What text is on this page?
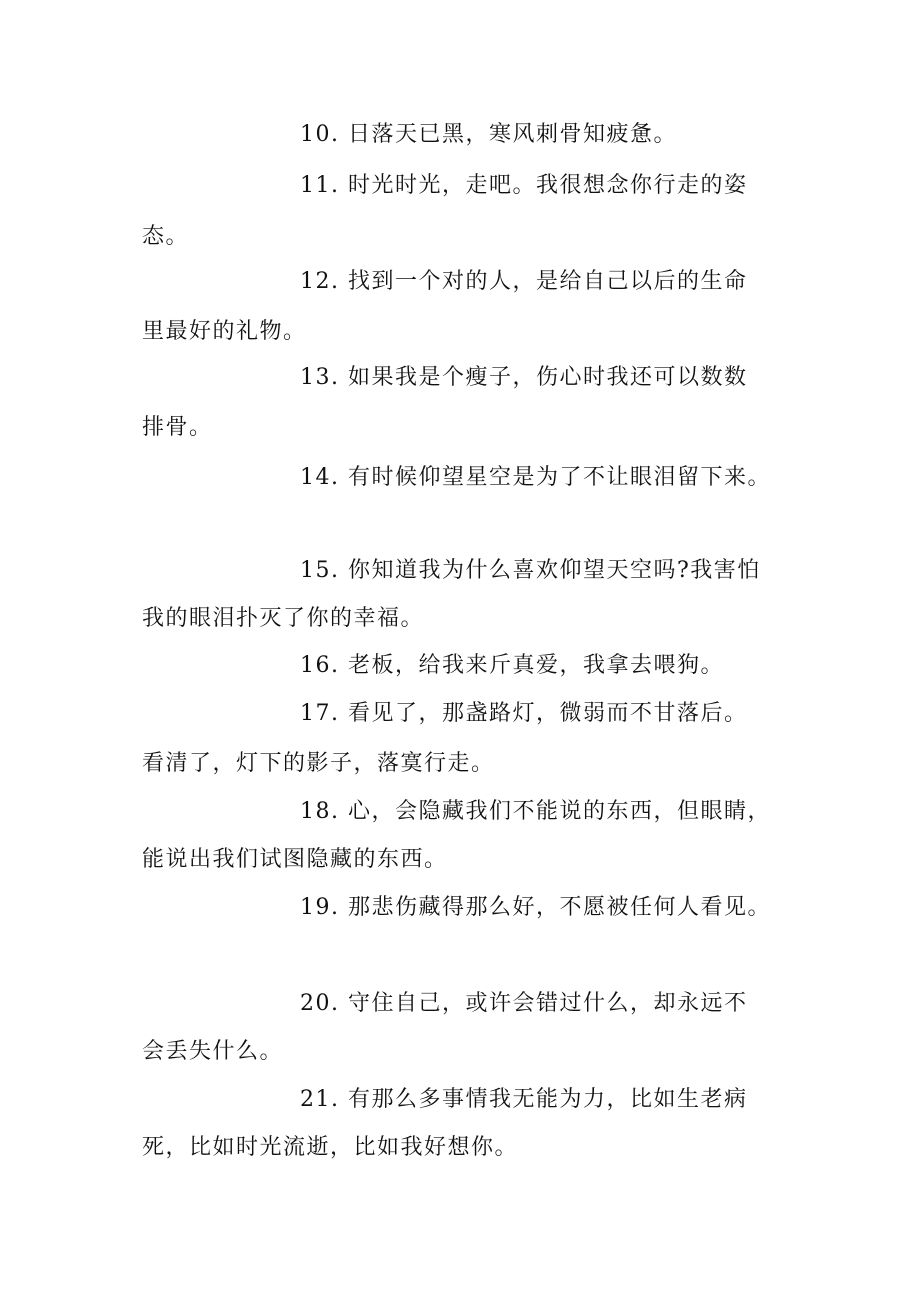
10. 日落天已黑，寒风刺骨知疲惫。

11. 时光时光，走吧。我很想念你行走的姿

态。

12. 找到一个对的人，是给自己以后的生命

里最好的礼物。

13. 如果我是个瘦子，伤心时我还可以数数

排骨。

14. 有时候仰望星空是为了不让眼泪留下来。

15. 你知道我为什么喜欢仰望天空吗?我害怕

我的眼泪扑灭了你的幸福。

16. 老板，给我来斤真爱，我拿去喂狗。

17. 看见了，那盏路灯，微弱而不甘落后。

看清了，灯下的影子，落寞行走。

18. 心，会隐藏我们不能说的东西，但眼睛，

能说出我们试图隐藏的东西。

19. 那悲伤藏得那么好，不愿被任何人看见。

20. 守住自己，或许会错过什么，却永远不

会丢失什么。

21. 有那么多事情我无能为力，比如生老病

死，比如时光流逝，比如我好想你。
